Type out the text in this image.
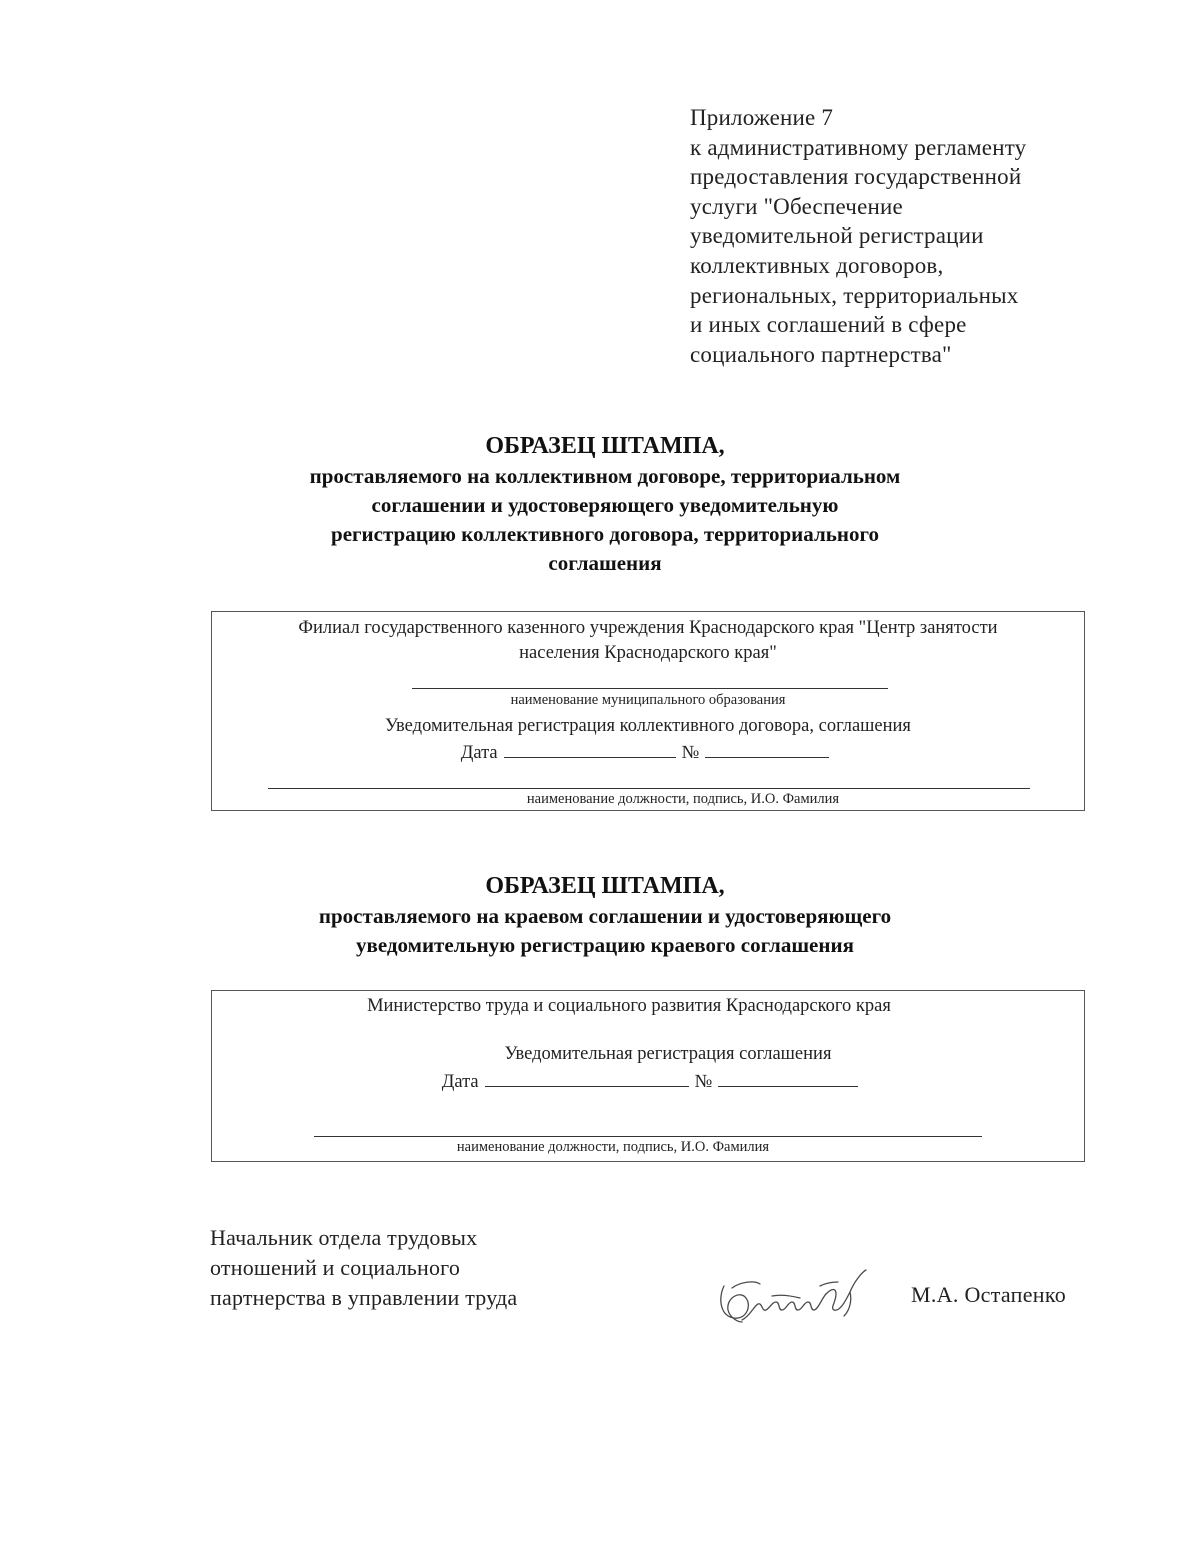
Приложение 7
к административному регламенту
предоставления государственной
услуги "Обеспечение
уведомительной регистрации
коллективных договоров,
региональных, территориальных
и иных соглашений в сфере
социального партнерства"
ОБРАЗЕЦ ШТАМПА,
проставляемого на коллективном договоре, территориальном
соглашении и удостоверяющего уведомительную
регистрацию коллективного договора, территориального
соглашения
Филиал государственного казенного учреждения Краснодарского края "Центр занятости
населения Краснодарского края"
наименование муниципального образования
Уведомительная регистрация коллективного договора, соглашения
Дата	№
наименование должности, подпись, И.О. Фамилия
ОБРАЗЕЦ ШТАМПА,
проставляемого на краевом соглашении и удостоверяющего
уведомительную регистрацию краевого соглашения
Министерство труда и социального развития Краснодарского края
Уведомительная регистрация соглашения
Дата	№
наименование должности, подпись, И.О. Фамилия
Начальник отдела трудовых
отношений и социального
партнерства в управлении труда	М.А. Остапенко
